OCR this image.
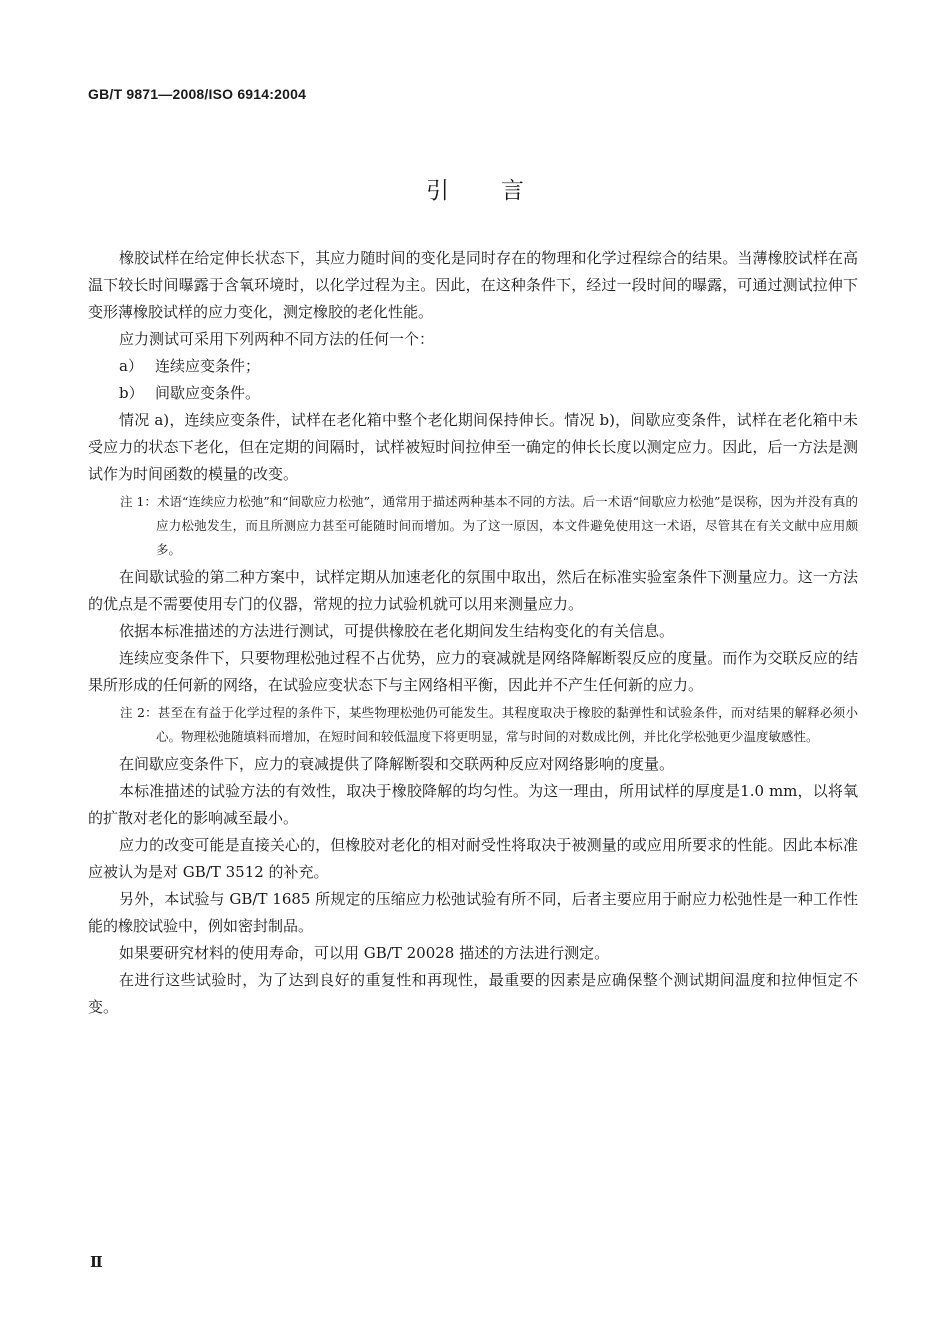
GB/T 9871—2008/ISO 6914:2004
引言

橡胶试样在给定伸长状态下，其应力随时间的变化是同时存在的物理和化学过程综合的结果。当薄橡胶试样在高温下较长时间曝露于含氧环境时，以化学过程为主。因此，在这种条件下，经过一段时间的曝露，可通过测试拉伸下变形薄橡胶试样的应力变化，测定橡胶的老化性能。

应力测试可采用下列两种不同方法的任何一个：

a） 连续应变条件；

b） 间歇应变条件。

情况 a)，连续应变条件，试样在老化箱中整个老化期间保持伸长。情况 b)，间歇应变条件，试样在老化箱中未受应力的状态下老化，但在定期的间隔时，试样被短时间拉伸至一确定的伸长长度以测定应力。因此，后一方法是测试作为时间函数的模量的改变。

注 1：术语“连续应力松弛”和“间歇应力松弛”，通常用于描述两种基本不同的方法。后一术语“间歇应力松弛”是误称，因为并没有真的应力松弛发生，而且所测应力甚至可能随时间而增加。为了这一原因，本文件避免使用这一术语，尽管其在有关文献中应用颇多。

在间歇试验的第二种方案中，试样定期从加速老化的氛围中取出，然后在标准实验室条件下测量应力。这一方法的优点是不需要使用专门的仪器，常规的拉力试验机就可以用来测量应力。

依据本标准描述的方法进行测试，可提供橡胶在老化期间发生结构变化的有关信息。

连续应变条件下，只要物理松弛过程不占优势，应力的衰减就是网络降解断裂反应的度量。而作为交联反应的结果所形成的任何新的网络，在试验应变状态下与主网络相平衡，因此并不产生任何新的应力。

注 2：甚至在有益于化学过程的条件下，某些物理松弛仍可能发生。其程度取决于橡胶的黏弹性和试验条件，而对结果的解释必须小心。物理松弛随填料而增加，在短时间和较低温度下将更明显，常与时间的对数成比例，并比化学松弛更少温度敏感性。

在间歇应变条件下，应力的衰减提供了降解断裂和交联两种反应对网络影响的度量。

本标准描述的试验方法的有效性，取决于橡胶降解的均匀性。为这一理由，所用试样的厚度是1.0 mm，以将氧的扩散对老化的影响减至最小。

应力的改变可能是直接关心的，但橡胶对老化的相对耐受性将取决于被测量的或应用所要求的性能。因此本标准应被认为是对 GB/T 3512 的补充。

另外，本试验与 GB/T 1685 所规定的压缩应力松弛试验有所不同，后者主要应用于耐应力松弛性是一种工作性能的橡胶试验中，例如密封制品。

如果要研究材料的使用寿命，可以用 GB/T 20028 描述的方法进行测定。

在进行这些试验时，为了达到良好的重复性和再现性，最重要的因素是应确保整个测试期间温度和拉伸恒定不变。

Ⅱ
